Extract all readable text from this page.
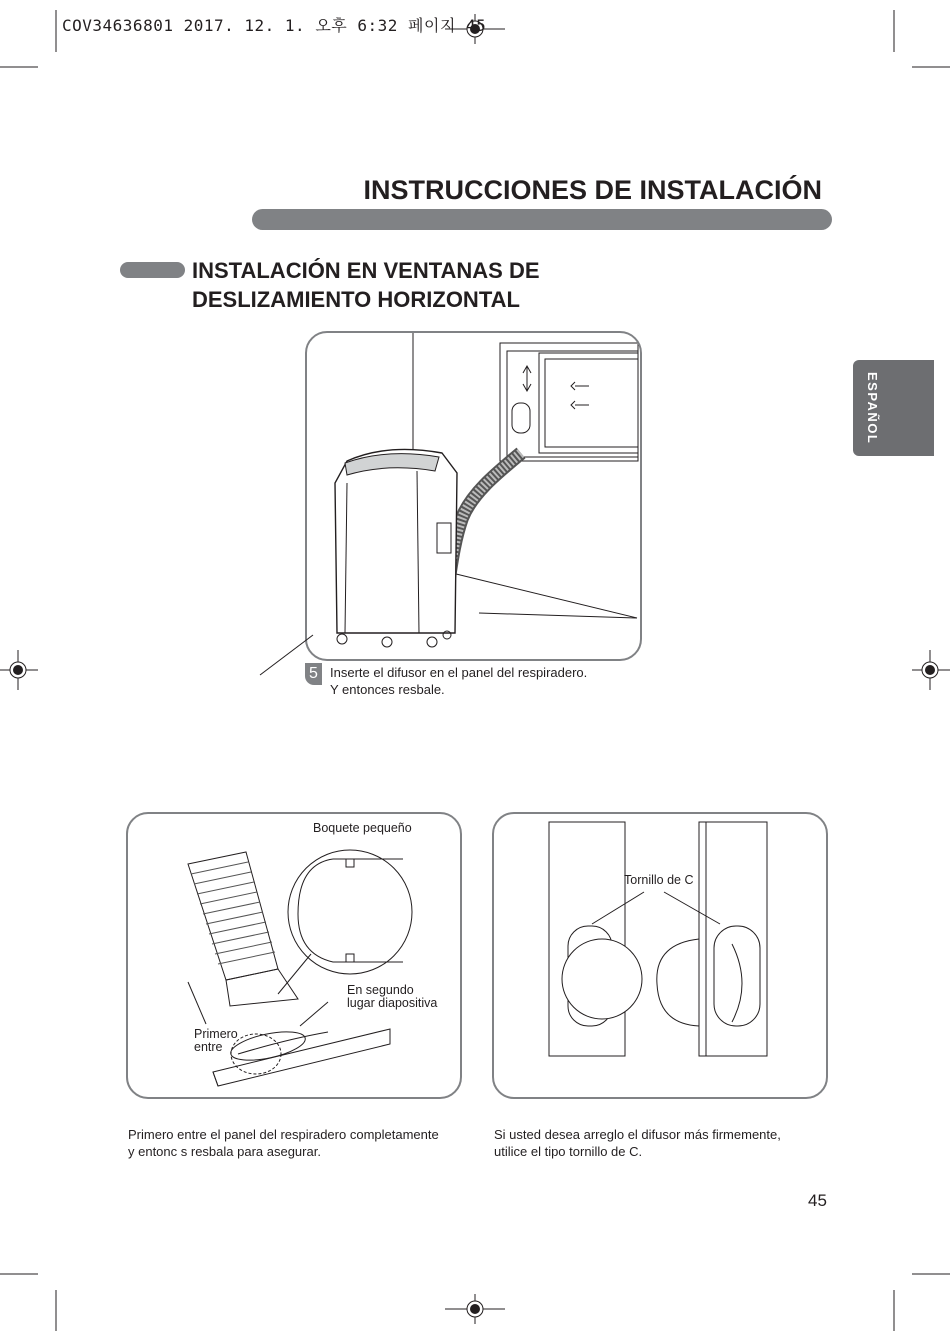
COV34636801 2017. 12. 1. 오후 6:32 페이지 45
INSTRUCCIONES DE INSTALACIÓN
INSTALACIÓN EN VENTANAS DE
DESLIZAMIENTO HORIZONTAL
ESPAÑOL
5 Inserte el difusor en el panel del respiradero.
Y entonces resbale.
Boquete pequeño
En segundo
lugar diapositiva
Primero
entre
Tornillo de C
Primero entre el panel del respiradero completamente
y entonc s resbala para asegurar.
Si usted desea arreglo el difusor más firmemente,
utilice el tipo tornillo de C.
45
